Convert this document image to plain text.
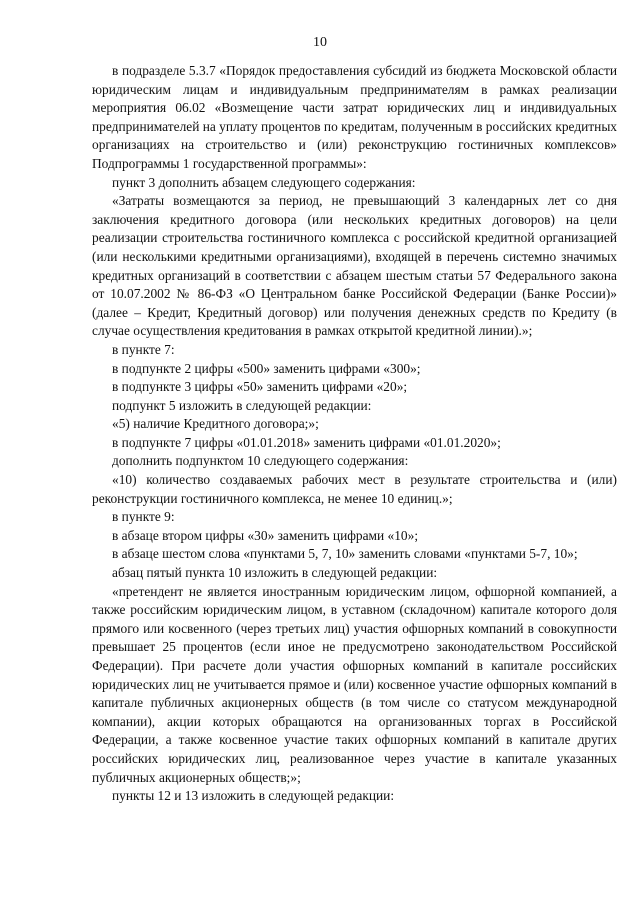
10

в подразделе 5.3.7 «Порядок предоставления субсидий из бюджета Московской области юридическим лицам и индивидуальным предпринимателям в рамках реализации мероприятия 06.02 «Возмещение части затрат юридических лиц и индивидуальных предпринимателей на уплату процентов по кредитам, полученным в российских кредитных организациях на строительство и (или) реконструкцию гостиничных комплексов» Подпрограммы 1 государственной программы»:

пункт 3 дополнить абзацем следующего содержания:

«Затраты возмещаются за период, не превышающий 3 календарных лет со дня заключения кредитного договора (или нескольких кредитных договоров) на цели реализации строительства гостиничного комплекса с российской кредитной организацией (или несколькими кредитными организациями), входящей в перечень системно значимых кредитных организаций в соответствии с абзацем шестым статьи 57 Федерального закона от 10.07.2002 № 86-ФЗ «О Центральном банке Российской Федерации (Банке России)» (далее – Кредит, Кредитный договор) или получения денежных средств по Кредиту (в случае осуществления кредитования в рамках открытой кредитной линии).»;

в пункте 7:

в подпункте 2 цифры «500» заменить цифрами «300»;

в подпункте 3 цифры «50» заменить цифрами «20»;

подпункт 5 изложить в следующей редакции:

«5) наличие Кредитного договора;»;

в подпункте 7 цифры «01.01.2018» заменить цифрами «01.01.2020»;

дополнить подпунктом 10 следующего содержания:

«10) количество создаваемых рабочих мест в результате строительства и (или) реконструкции гостиничного комплекса, не менее 10 единиц.»;

в пункте 9:

в абзаце втором цифры «30» заменить цифрами «10»;

в абзаце шестом слова «пунктами 5, 7, 10» заменить словами «пунктами 5-7, 10»;

абзац пятый пункта 10 изложить в следующей редакции:

«претендент не является иностранным юридическим лицом, офшорной компанией, а также российским юридическим лицом, в уставном (складочном) капитале которого доля прямого или косвенного (через третьих лиц) участия офшорных компаний в совокупности превышает 25 процентов (если иное не предусмотрено законодательством Российской Федерации). При расчете доли участия офшорных компаний в капитале российских юридических лиц не учитывается прямое и (или) косвенное участие офшорных компаний в капитале публичных акционерных обществ (в том числе со статусом международной компании), акции которых обращаются на организованных торгах в Российской Федерации, а также косвенное участие таких офшорных компаний в капитале других российских юридических лиц, реализованное через участие в капитале указанных публичных акционерных обществ;»;

пункты 12 и 13 изложить в следующей редакции:
